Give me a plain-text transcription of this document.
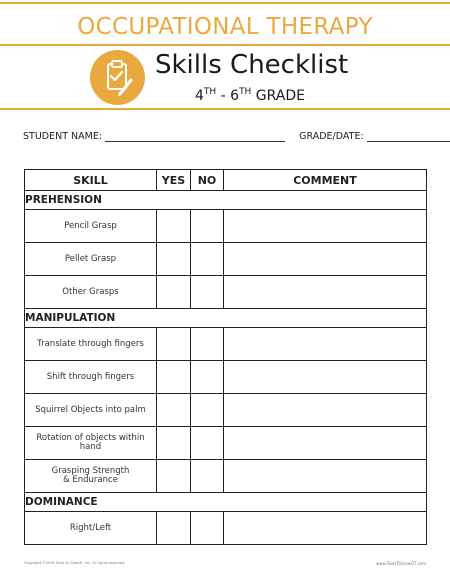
OCCUPATIONAL THERAPY
Skills Checklist
4TH - 6TH GRADE
STUDENT NAME:	GRADE/DATE:
SKILL	YES	NO	COMMENT
PREHENSION			
Pencil Grasp			
Pellet Grasp			
Other Grasps			
MANIPULATION			
Translate through fingers			
Shift through fingers			
Squirrel Objects into palm			
Rotation of objects within hand			
Grasping Strength
& Endurance			
DOMINANCE			
Right/Left			
Copyright ©2016 Tools to Grow®, Inc. All rights reserved.	www.ToolsToGrowOT.com
